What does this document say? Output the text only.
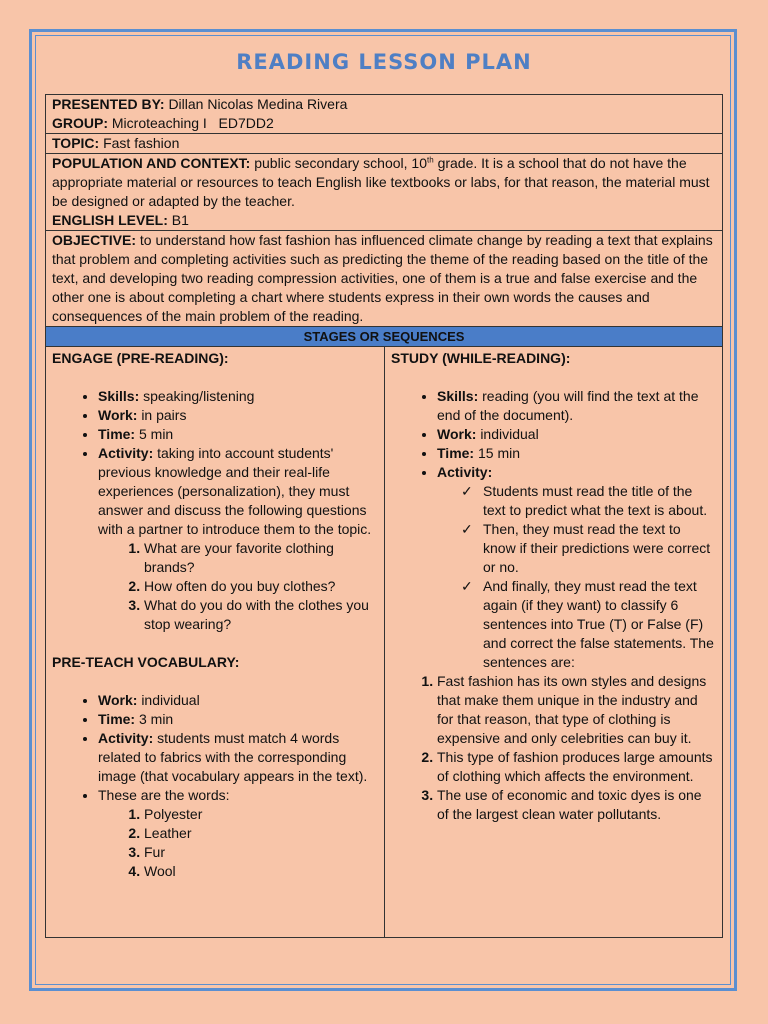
READING LESSON PLAN

PRESENTED BY: Dillan Nicolas Medina Rivera

GROUP: Microteaching I   ED7DD2

TOPIC: Fast fashion

POPULATION AND CONTEXT: public secondary school, 10th grade. It is a school that do not have the appropriate material or resources to teach English like textbooks or labs, for that reason, the material must be designed or adapted by the teacher.

ENGLISH LEVEL: B1

OBJECTIVE: to understand how fast fashion has influenced climate change by reading a text that explains that problem and completing activities such as predicting the theme of the reading based on the title of the text, and developing two reading compression activities, one of them is a true and false exercise and the other one is about completing a chart where students express in their own words the causes and consequences of the main problem of the reading.

STAGES OR SEQUENCES

ENGAGE (PRE-READING):

• Skills: speaking/listening
• Work: in pairs
• Time: 5 min
• Activity: taking into account students' previous knowledge and their real-life experiences (personalization), they must answer and discuss the following questions with a partner to introduce them to the topic.
1. What are your favorite clothing brands?
2. How often do you buy clothes?
3. What do you do with the clothes you stop wearing?

PRE-TEACH VOCABULARY:

• Work: individual
• Time: 3 min
• Activity: students must match 4 words related to fabrics with the corresponding image (that vocabulary appears in the text).
• These are the words:
1. Polyester
2. Leather
3. Fur
4. Wool

STUDY (WHILE-READING):

• Skills: reading (you will find the text at the end of the document).
• Work: individual
• Time: 15 min
• Activity:
✓ Students must read the title of the text to predict what the text is about.
✓ Then, they must read the text to know if their predictions were correct or no.
✓ And finally, they must read the text again (if they want) to classify 6 sentences into True (T) or False (F) and correct the false statements. The sentences are:
1. Fast fashion has its own styles and designs that make them unique in the industry and for that reason, that type of clothing is expensive and only celebrities can buy it.
2. This type of fashion produces large amounts of clothing which affects the environment.
3. The use of economic and toxic dyes is one of the largest clean water pollutants.
